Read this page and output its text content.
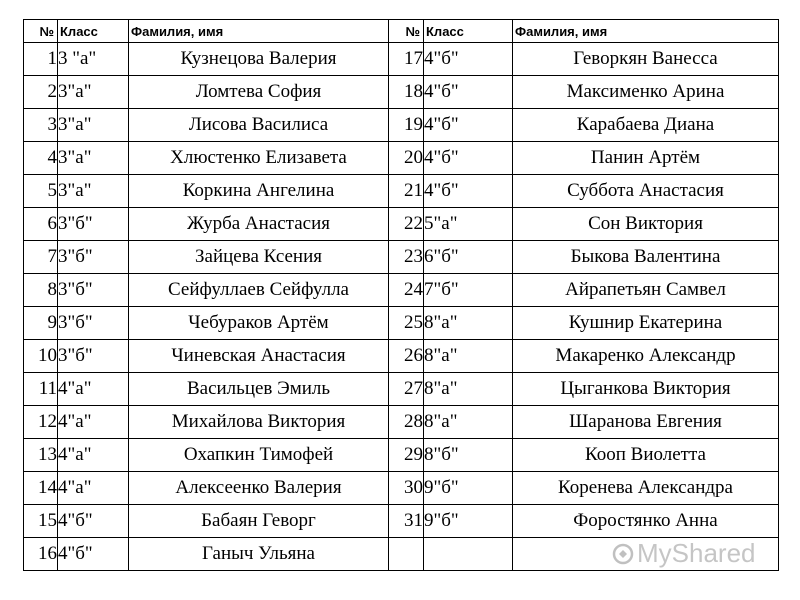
№	Класс	Фамилия, имя	№	Класс	Фамилия, имя
1	3 "а"	Кузнецова Валерия	17	4"б"	Геворкян Ванесса
2	3"а"	Ломтева София	18	4"б"	Максименко Арина
3	3"а"	Лисова Василиса	19	4"б"	Карабаева Диана
4	3"а"	Хлюстенко Елизавета	20	4"б"	Панин Артём
5	3"а"	Коркина Ангелина	21	4"б"	Суббота Анастасия
6	3"б"	Журба Анастасия	22	5"а"	Сон Виктория
7	3"б"	Зайцева Ксения	23	6"б"	Быкова Валентина
8	3"б"	Сейфуллаев Сейфулла	24	7"б"	Айрапетьян Самвел
9	3"б"	Чебураков Артём	25	8"а"	Кушнир Екатерина
10	3"б"	Чиневская Анастасия	26	8"а"	Макаренко Александр
11	4"а"	Васильцев Эмиль	27	8"а"	Цыганкова Виктория
12	4"а"	Михайлова Виктория	28	8"а"	Шаранова Евгения
13	4"а"	Охапкин Тимофей	29	8"б"	Кооп Виолетта
14	4"а"	Алексеенко Валерия	30	9"б"	Коренева Александра
15	4"б"	Бабаян Геворг	31	9"б"	Форостянко Анна
16	4"б"	Ганыч Ульяна				MyShared
